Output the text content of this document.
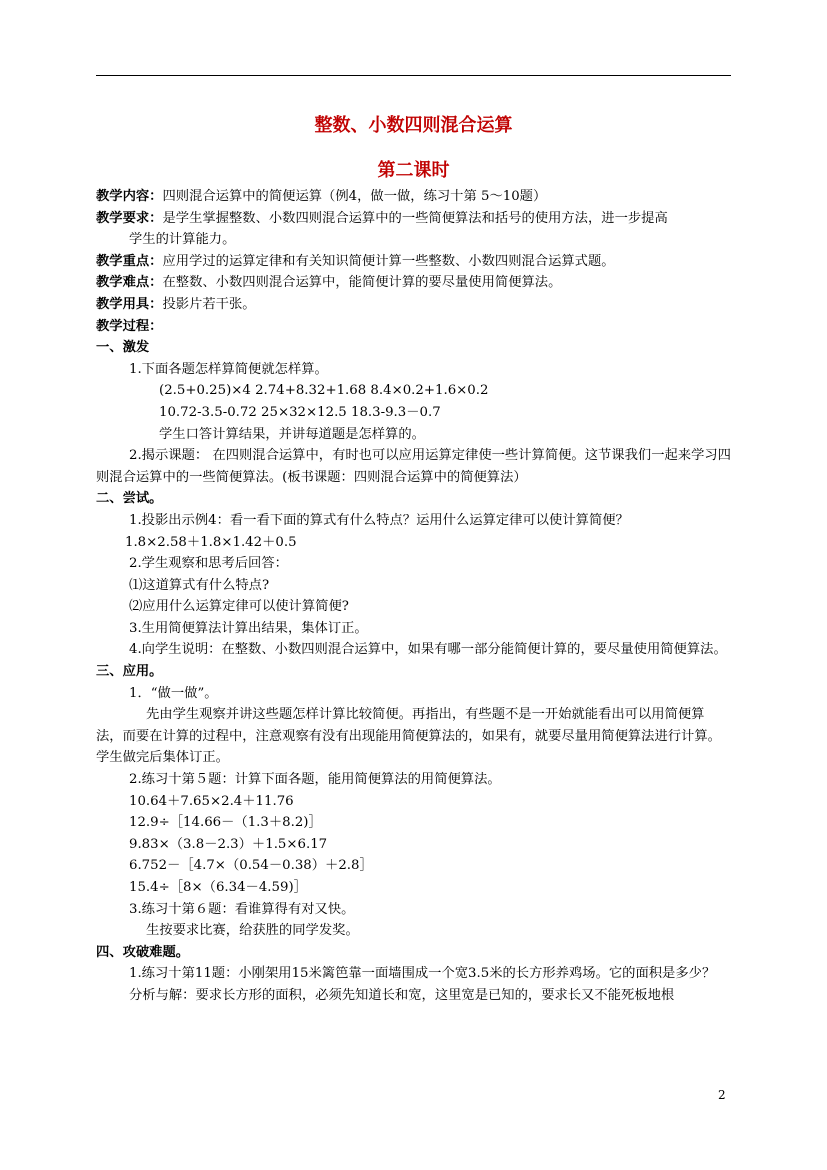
整数、小数四则混合运算
第二课时
教学内容：四则混合运算中的简便运算（例4，做一做，练习十第 5～10题）
教学要求：是学生掌握整数、小数四则混合运算中的一些简便算法和括号的使用方法，进一步提高
学生的计算能力。
教学重点：应用学过的运算定律和有关知识简便计算一些整数、小数四则混合运算式题。
教学难点：在整数、小数四则混合运算中，能简便计算的要尽量使用简便算法。
教学用具：投影片若干张。
教学过程：
一、激发
1.下面各题怎样算简便就怎样算。
(2.5+0.25)×4 2.74+8.32+1.68 8.4×0.2+1.6×0.2
10.72-3.5-0.72 25×32×12.5 18.3-9.3－0.7
学生口答计算结果，并讲每道题是怎样算的。
2.揭示课题： 在四则混合运算中，有时也可以应用运算定律使一些计算简便。这节课我们一起来学习四则混合运算中的一些简便算法。(板书课题：四则混合运算中的简便算法）
二、尝试。
1.投影出示例4：看一看下面的算式有什么特点？运用什么运算定律可以使计算简便？
1.8×2.58＋1.8×1.42＋0.5
2.学生观察和思考后回答：
⑴这道算式有什么特点?
⑵应用什么运算定律可以使计算简便?
3.生用简便算法计算出结果，集体订正。
4.向学生说明：在整数、小数四则混合运算中，如果有哪一部分能简便计算的，要尽量使用简便算法。
三、应用。
1．“做一做”。
先由学生观察并讲这些题怎样计算比较简便。再指出，有些题不是一开始就能看出可以用简便算法，而要在计算的过程中，注意观察有没有出现能用简便算法的，如果有，就要尽量用简便算法进行计算。学生做完后集体订正。
2.练习十第５题：计算下面各题，能用简便算法的用简便算法。
10.64＋7.65×2.4＋11.76
12.9÷［14.66－（1.3＋8.2)］
9.83×（3.8－2.3）＋1.5×6.17
6.752－［4.7×（0.54－0.38）＋2.8］
15.4÷［8×（6.34－4.59)］
3.练习十第６题：看谁算得有对又快。
生按要求比赛，给获胜的同学发奖。
四、攻破难题。
1.练习十第11题：小刚架用15米篱笆靠一面墙围成一个宽3.5米的长方形养鸡场。它的面积是多少？
分析与解：要求长方形的面积，必须先知道长和宽，这里宽是已知的，要求长又不能死板地根
2
